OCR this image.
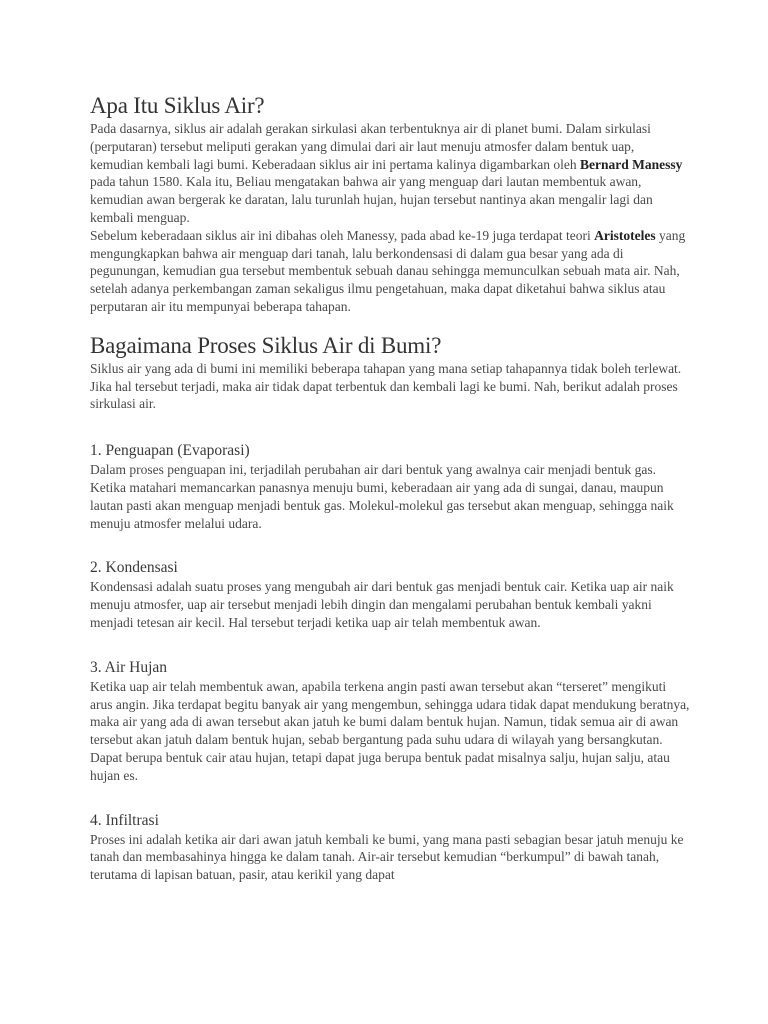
Apa Itu Siklus Air?

Pada dasarnya, siklus air adalah gerakan sirkulasi akan terbentuknya air di planet bumi. Dalam sirkulasi (perputaran) tersebut meliputi gerakan yang dimulai dari air laut menuju atmosfer dalam bentuk uap, kemudian kembali lagi bumi. Keberadaan siklus air ini pertama kalinya digambarkan oleh Bernard Manessy pada tahun 1580. Kala itu, Beliau mengatakan bahwa air yang menguap dari lautan membentuk awan, kemudian awan bergerak ke daratan, lalu turunlah hujan, hujan tersebut nantinya akan mengalir lagi dan kembali menguap.

Sebelum keberadaan siklus air ini dibahas oleh Manessy, pada abad ke-19 juga terdapat teori Aristoteles yang mengungkapkan bahwa air menguap dari tanah, lalu berkondensasi di dalam gua besar yang ada di pegunungan, kemudian gua tersebut membentuk sebuah danau sehingga memunculkan sebuah mata air. Nah, setelah adanya perkembangan zaman sekaligus ilmu pengetahuan, maka dapat diketahui bahwa siklus atau perputaran air itu mempunyai beberapa tahapan.

Bagaimana Proses Siklus Air di Bumi?

Siklus air yang ada di bumi ini memiliki beberapa tahapan yang mana setiap tahapannya tidak boleh terlewat. Jika hal tersebut terjadi, maka air tidak dapat terbentuk dan kembali lagi ke bumi. Nah, berikut adalah proses sirkulasi air.

1. Penguapan (Evaporasi)

Dalam proses penguapan ini, terjadilah perubahan air dari bentuk yang awalnya cair menjadi bentuk gas. Ketika matahari memancarkan panasnya menuju bumi, keberadaan air yang ada di sungai, danau, maupun lautan pasti akan menguap menjadi bentuk gas. Molekul-molekul gas tersebut akan menguap, sehingga naik menuju atmosfer melalui udara.

2. Kondensasi

Kondensasi adalah suatu proses yang mengubah air dari bentuk gas menjadi bentuk cair. Ketika uap air naik menuju atmosfer, uap air tersebut menjadi lebih dingin dan mengalami perubahan bentuk kembali yakni menjadi tetesan air kecil. Hal tersebut terjadi ketika uap air telah membentuk awan.

3. Air Hujan

Ketika uap air telah membentuk awan, apabila terkena angin pasti awan tersebut akan “terseret” mengikuti arus angin. Jika terdapat begitu banyak air yang mengembun, sehingga udara tidak dapat mendukung beratnya, maka air yang ada di awan tersebut akan jatuh ke bumi dalam bentuk hujan. Namun, tidak semua air di awan tersebut akan jatuh dalam bentuk hujan, sebab bergantung pada suhu udara di wilayah yang bersangkutan. Dapat berupa bentuk cair atau hujan, tetapi dapat juga berupa bentuk padat misalnya salju, hujan salju, atau hujan es.

4. Infiltrasi

Proses ini adalah ketika air dari awan jatuh kembali ke bumi, yang mana pasti sebagian besar jatuh menuju ke tanah dan membasahinya hingga ke dalam tanah. Air-air tersebut kemudian “berkumpul” di bawah tanah, terutama di lapisan batuan, pasir, atau kerikil yang dapat
